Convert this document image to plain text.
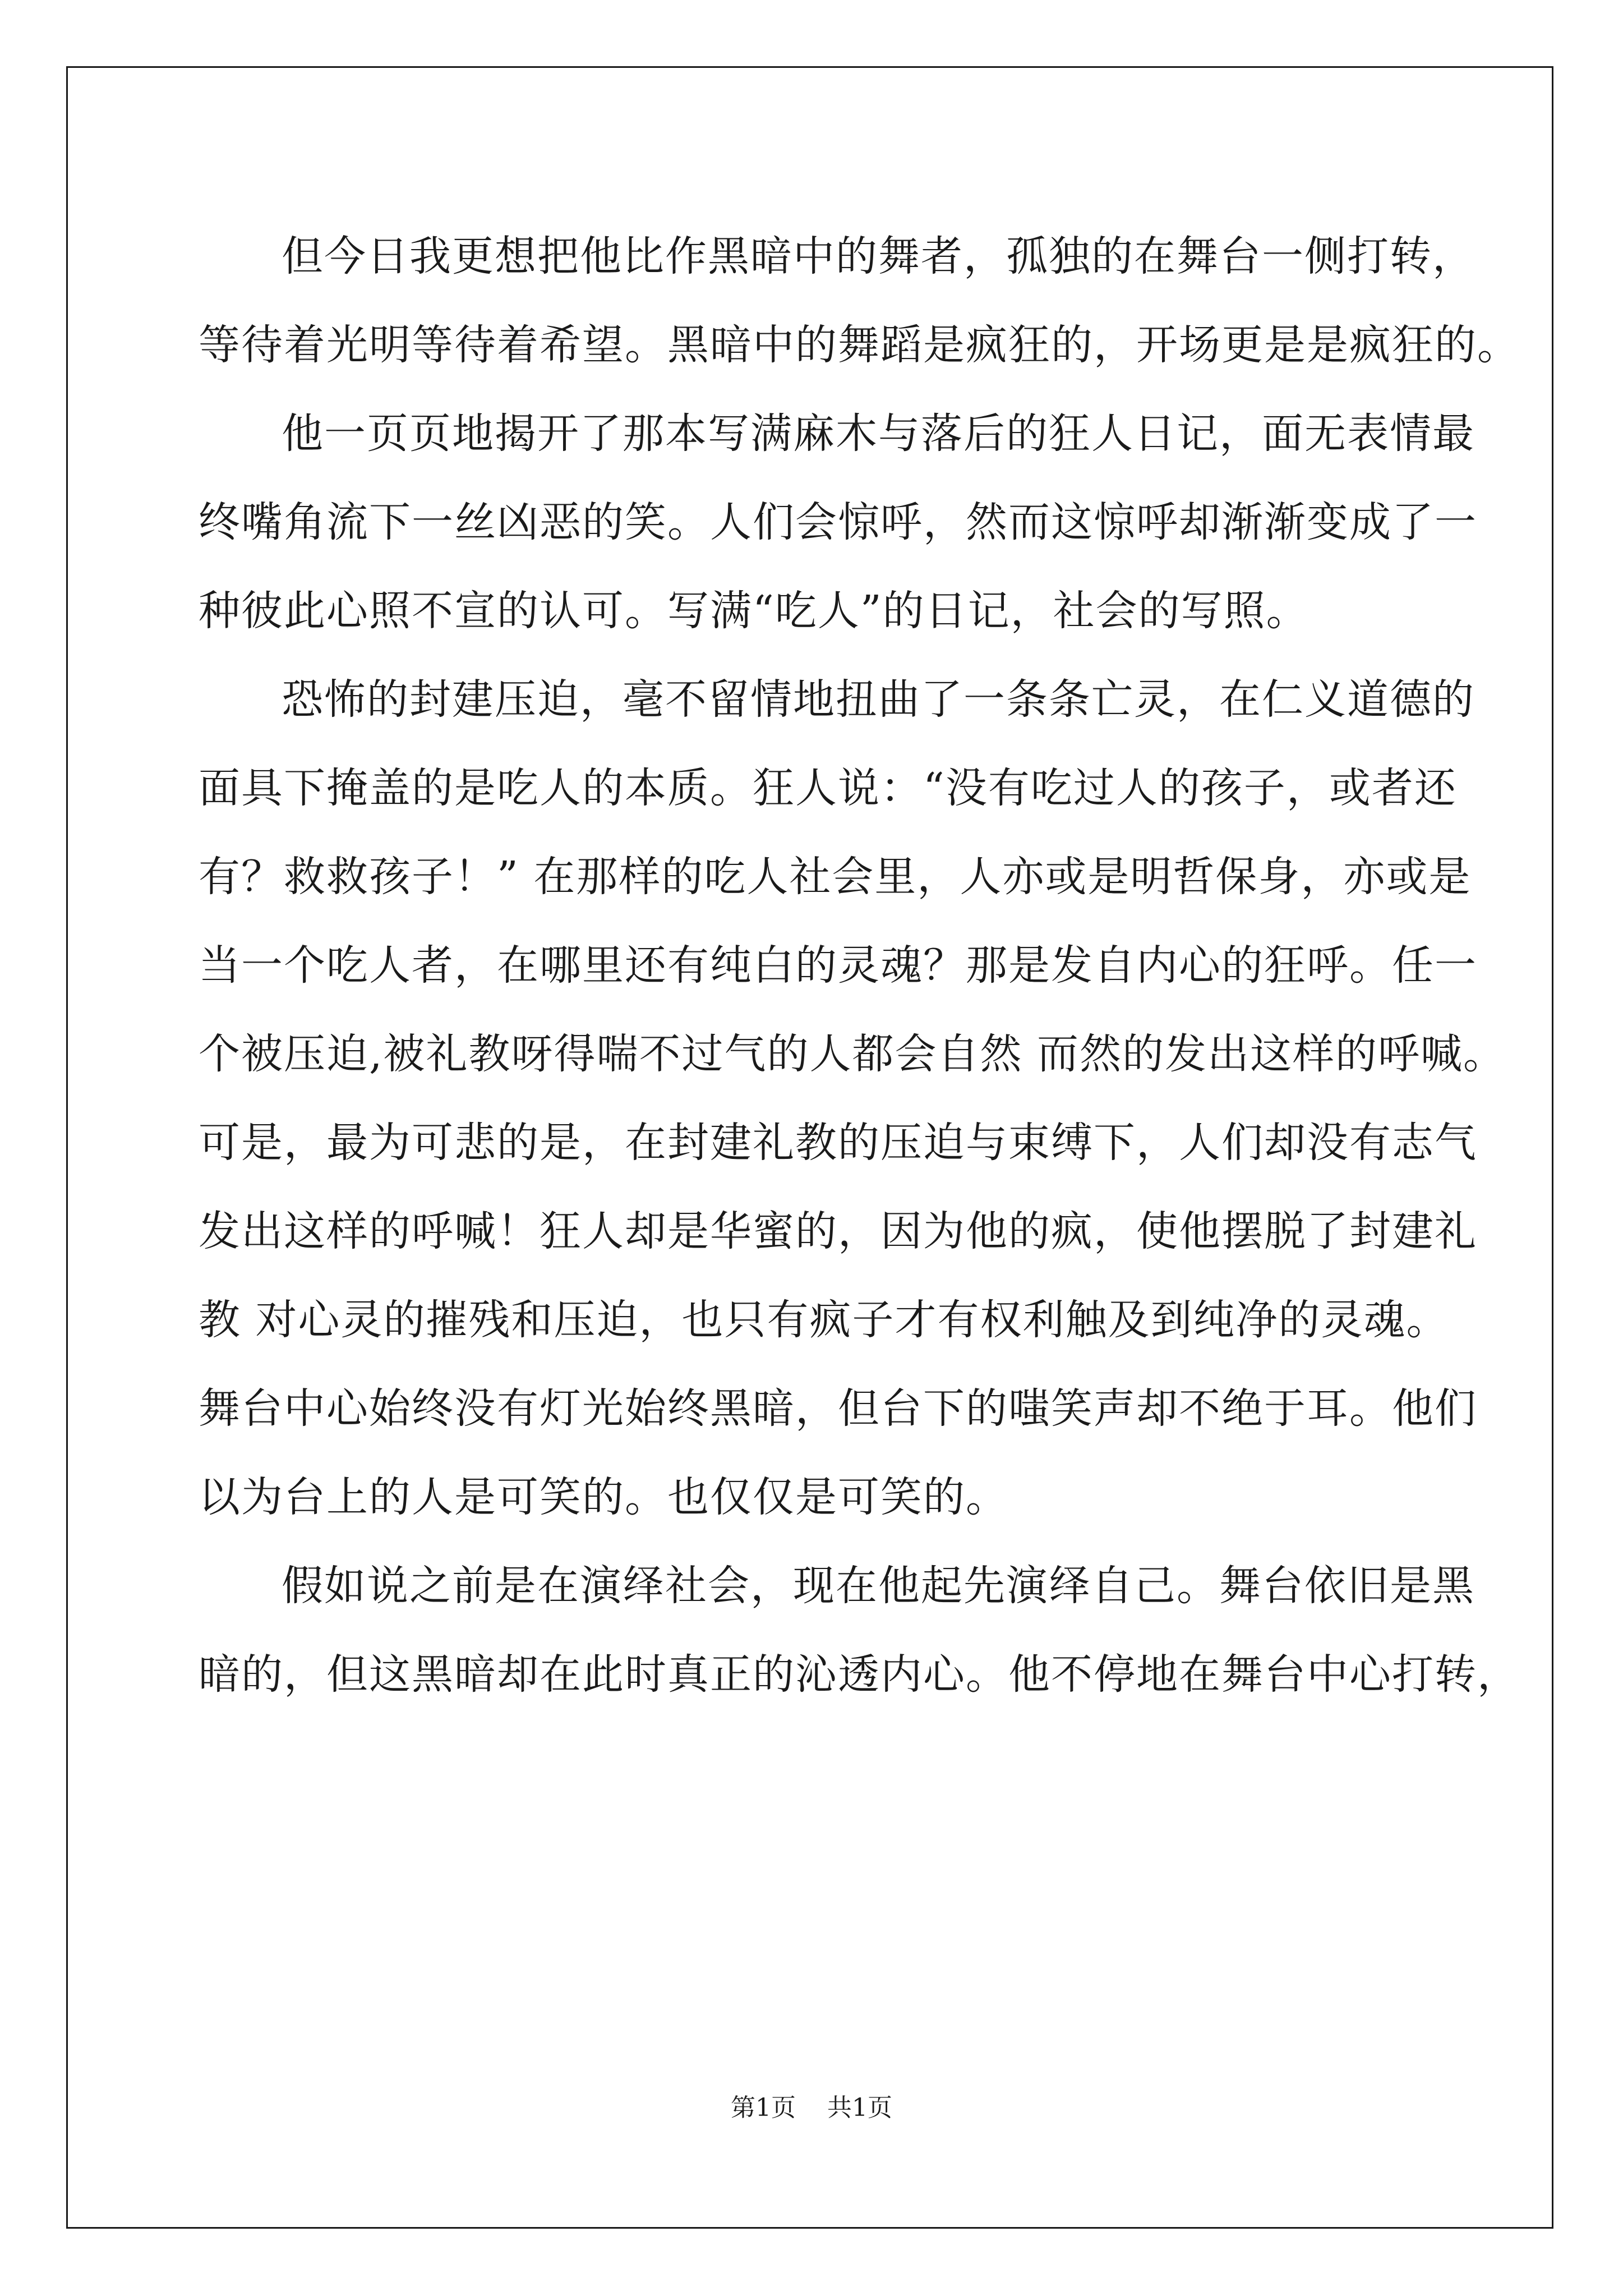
但今日我更想把他比作黑暗中的舞者，孤独的在舞台一侧打转，
等待着光明等待着希望。黑暗中的舞蹈是疯狂的，开场更是是疯狂的。
他一页页地揭开了那本写满麻木与落后的狂人日记，面无表情最
终嘴角流下一丝凶恶的笑。人们会惊呼，然而这惊呼却渐渐变成了一
种彼此心照不宣的认可。写满“吃人”的日记，社会的写照。
恐怖的封建压迫，毫不留情地扭曲了一条条亡灵，在仁义道德的
面具下掩盖的是吃人的本质。狂人说：“没有吃过人的孩子，或者还
有？救救孩子！” 在那样的吃人社会里，人亦或是明哲保身，亦或是
当一个吃人者，在哪里还有纯白的灵魂？那是发自内心的狂呼。任一
个被压迫,被礼教呀得喘不过气的人都会自然 而然的发出这样的呼喊。
可是，最为可悲的是，在封建礼教的压迫与束缚下，人们却没有志气
发出这样的呼喊！狂人却是华蜜的，因为他的疯，使他摆脱了封建礼
教 对心灵的摧残和压迫，也只有疯子才有权利触及到纯净的灵魂。
舞台中心始终没有灯光始终黑暗，但台下的嗤笑声却不绝于耳。他们
以为台上的人是可笑的。也仅仅是可笑的。
假如说之前是在演绎社会，现在他起先演绎自己。舞台依旧是黑
暗的，但这黑暗却在此时真正的沁透内心。他不停地在舞台中心打转，
第1页 共1页
